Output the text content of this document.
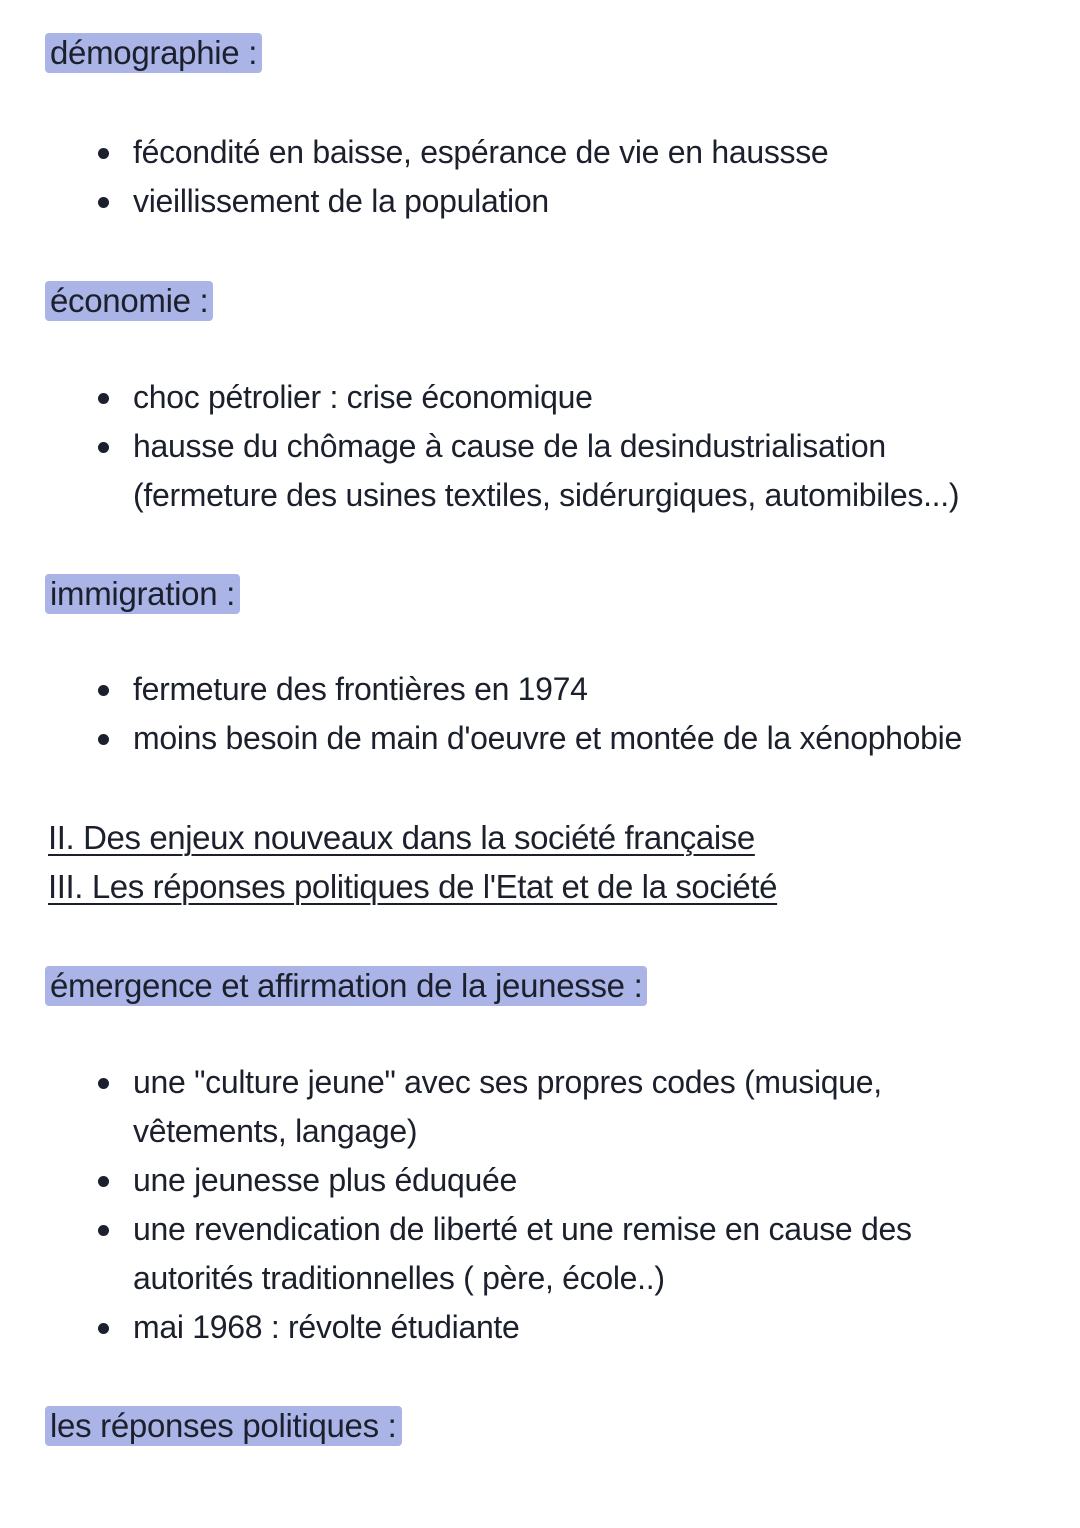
démographie :
fécondité en baisse, espérance de vie en haussse
vieillissement de la population
économie :
choc pétrolier : crise économique
hausse du chômage à cause de la desindustrialisation (fermeture des usines textiles, sidérurgiques, automibiles...)
immigration :
fermeture des frontières en 1974
moins besoin de main d'oeuvre et montée de la xénophobie
II. Des enjeux nouveaux dans la société française
III. Les réponses politiques de l'Etat et de la société
émergence et affirmation de la jeunesse :
une "culture jeune" avec ses propres codes (musique, vêtements, langage)
une jeunesse plus éduquée
une revendication de liberté et une remise en cause des autorités traditionnelles ( père, école..)
mai 1968 : révolte étudiante
les réponses politiques :
